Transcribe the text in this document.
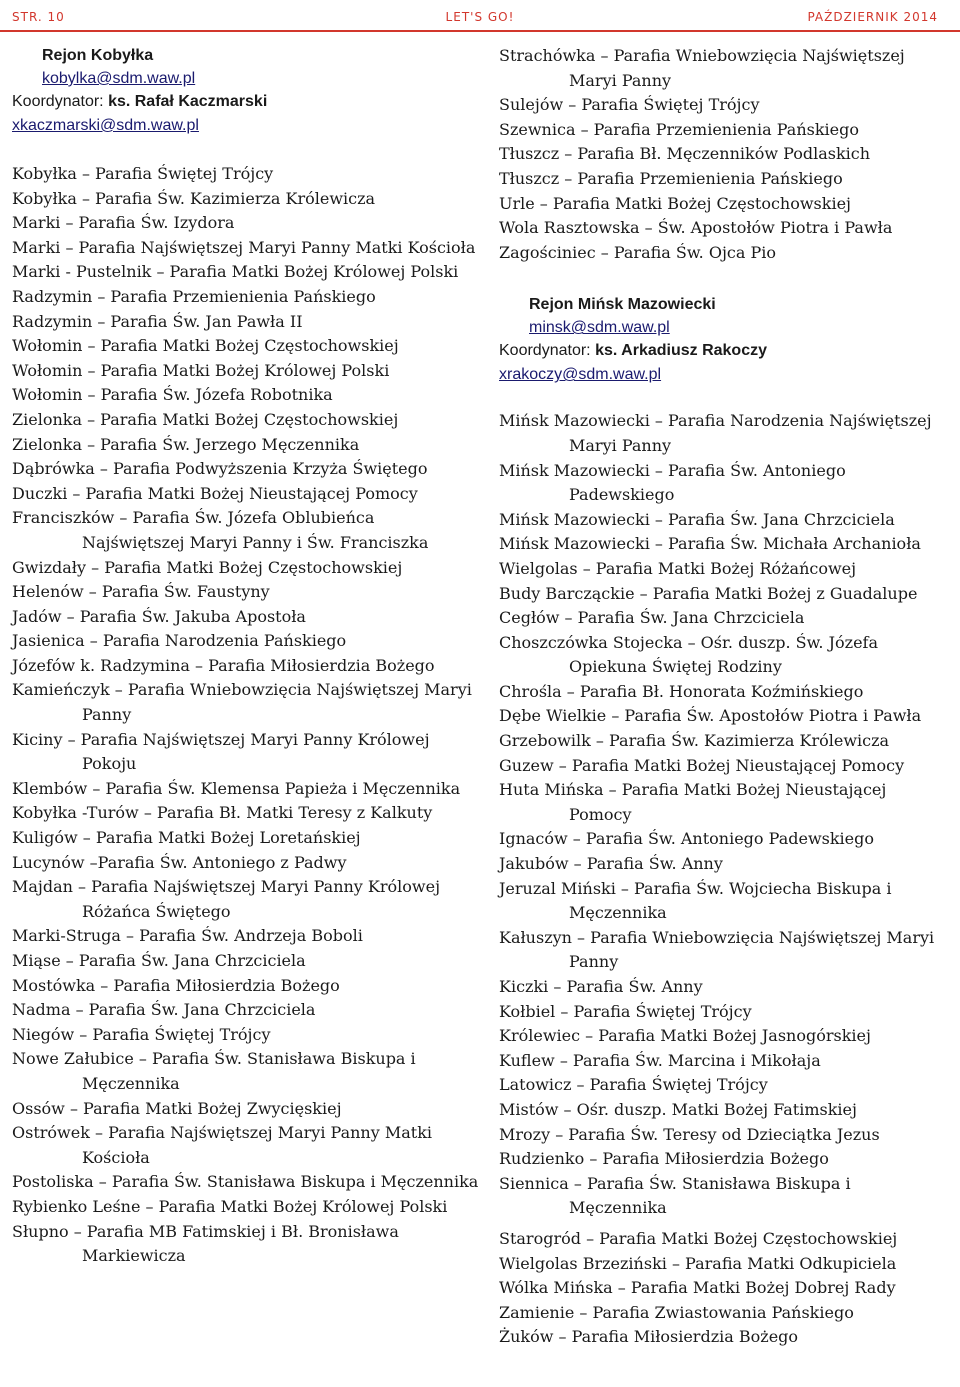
STR. 10	LET'S GO!	PAŹDZIERNIK 2014
Rejon Kobyłka
kobylka@sdm.waw.pl
Koordynator: ks. Rafał Kaczmarski
xkaczmarski@sdm.waw.pl
Kobyłka – Parafia Świętej Trójcy
Kobyłka – Parafia Św. Kazimierza Królewicza
Marki – Parafia Św. Izydora
Marki – Parafia Najświętszej Maryi Panny Matki Kościoła
Marki - Pustelnik – Parafia Matki Bożej Królowej Polski
Radzymin – Parafia Przemienienia Pańskiego
Radzymin – Parafia Św. Jan Pawła II
Wołomin – Parafia Matki Bożej Częstochowskiej
Wołomin – Parafia Matki Bożej Królowej Polski
Wołomin – Parafia Św. Józefa Robotnika
Zielonka – Parafia Matki Bożej Częstochowskiej
Zielonka – Parafia Św. Jerzego Męczennika
Dąbrówka – Parafia Podwyższenia Krzyża Świętego
Duczki – Parafia Matki Bożej Nieustającej Pomocy
Franciszków – Parafia Św. Józefa Oblubieńca Najświętszej Maryi Panny i Św. Franciszka
Gwizdały – Parafia Matki Bożej Częstochowskiej
Helenów – Parafia Św. Faustyny
Jadów – Parafia Św. Jakuba Apostoła
Jasienica – Parafia Narodzenia Pańskiego
Józefów k. Radzymina – Parafia Miłosierdzia Bożego
Kamieńczyk – Parafia Wniebowzięcia Najświętszej Maryi Panny
Kiciny – Parafia Najświętszej Maryi Panny Królowej Pokoju
Klembów – Parafia Św. Klemensa Papieża i Męczennika
Kobyłka -Turów – Parafia Bł. Matki Teresy z Kalkuty
Kuligów – Parafia Matki Bożej Loretańskiej
Lucynów –Parafia Św. Antoniego z Padwy
Majdan – Parafia Najświętszej Maryi Panny Królowej Różańca Świętego
Marki-Struga – Parafia Św. Andrzeja Boboli
Miąse – Parafia Św. Jana Chrzciciela
Mostówka – Parafia Miłosierdzia Bożego
Nadma – Parafia Św. Jana Chrzciciela
Niegów – Parafia Świętej Trójcy
Nowe Załubice – Parafia Św. Stanisława Biskupa i Męczennika
Ossów – Parafia Matki Bożej Zwycięskiej
Ostrówek – Parafia Najświętszej Maryi Panny Matki Kościoła
Postoliska – Parafia Św. Stanisława Biskupa i Męczennika
Rybienko Leśne – Parafia Matki Bożej Królowej Polski
Słupno – Parafia MB Fatimskiej i Bł. Bronisława Markiewicza
Strachówka – Parafia Wniebowzięcia Najświętszej Maryi Panny
Sulejów – Parafia Świętej Trójcy
Szewnica – Parafia Przemienienia Pańskiego
Tłuszcz – Parafia Bł. Męczenników Podlaskich
Tłuszcz – Parafia Przemienienia Pańskiego
Urle – Parafia Matki Bożej Częstochowskiej
Wola Rasztowska – Św. Apostołów Piotra i Pawła
Zagościniec – Parafia Św. Ojca Pio
Rejon Mińsk Mazowiecki
minsk@sdm.waw.pl
Koordynator: ks. Arkadiusz Rakoczy
xrakoczy@sdm.waw.pl
Mińsk Mazowiecki – Parafia Narodzenia Najświętszej Maryi Panny
Mińsk Mazowiecki – Parafia Św. Antoniego Padewskiego
Mińsk Mazowiecki – Parafia Św. Jana Chrzciciela
Mińsk Mazowiecki – Parafia Św. Michała Archanioła
Wielgolas – Parafia Matki Bożej Różańcowej
Budy Barcząckie – Parafia Matki Bożej z Guadalupe
Cegłów – Parafia Św. Jana Chrzciciela
Choszczówka Stojecka – Ośr. duszp. Św. Józefa Opiekuna Świętej Rodziny
Chrośla – Parafia Bł. Honorata Koźmińskiego
Dębe Wielkie – Parafia Św. Apostołów Piotra i Pawła
Grzebowilk – Parafia Św. Kazimierza Królewicza
Guzew – Parafia Matki Bożej Nieustającej Pomocy
Huta Mińska – Parafia Matki Bożej Nieustającej Pomocy
Ignaców – Parafia Św. Antoniego Padewskiego
Jakubów – Parafia Św. Anny
Jeruzal Miński – Parafia Św. Wojciecha Biskupa i Męczennika
Kałuszyn – Parafia Wniebowzięcia Najświętszej Maryi Panny
Kiczki – Parafia Św. Anny
Kołbiel – Parafia Świętej Trójcy
Królewiec – Parafia Matki Bożej Jasnogórskiej
Kuflew – Parafia Św. Marcina i Mikołaja
Latowicz – Parafia Świętej Trójcy
Mistów – Ośr. duszp. Matki Bożej Fatimskiej
Mrozy – Parafia Św. Teresy od Dzieciątka Jezus
Rudzienko – Parafia Miłosierdzia Bożego
Siennica – Parafia Św. Stanisława Biskupa i Męczennika
Starogród – Parafia Matki Bożej Częstochowskiej
Wielgolas Brzeziński – Parafia Matki Odkupiciela
Wólka Mińska – Parafia Matki Bożej Dobrej Rady
Zamienie – Parafia Zwiastowania Pańskiego
Żuków – Parafia Miłosierdzia Bożego
